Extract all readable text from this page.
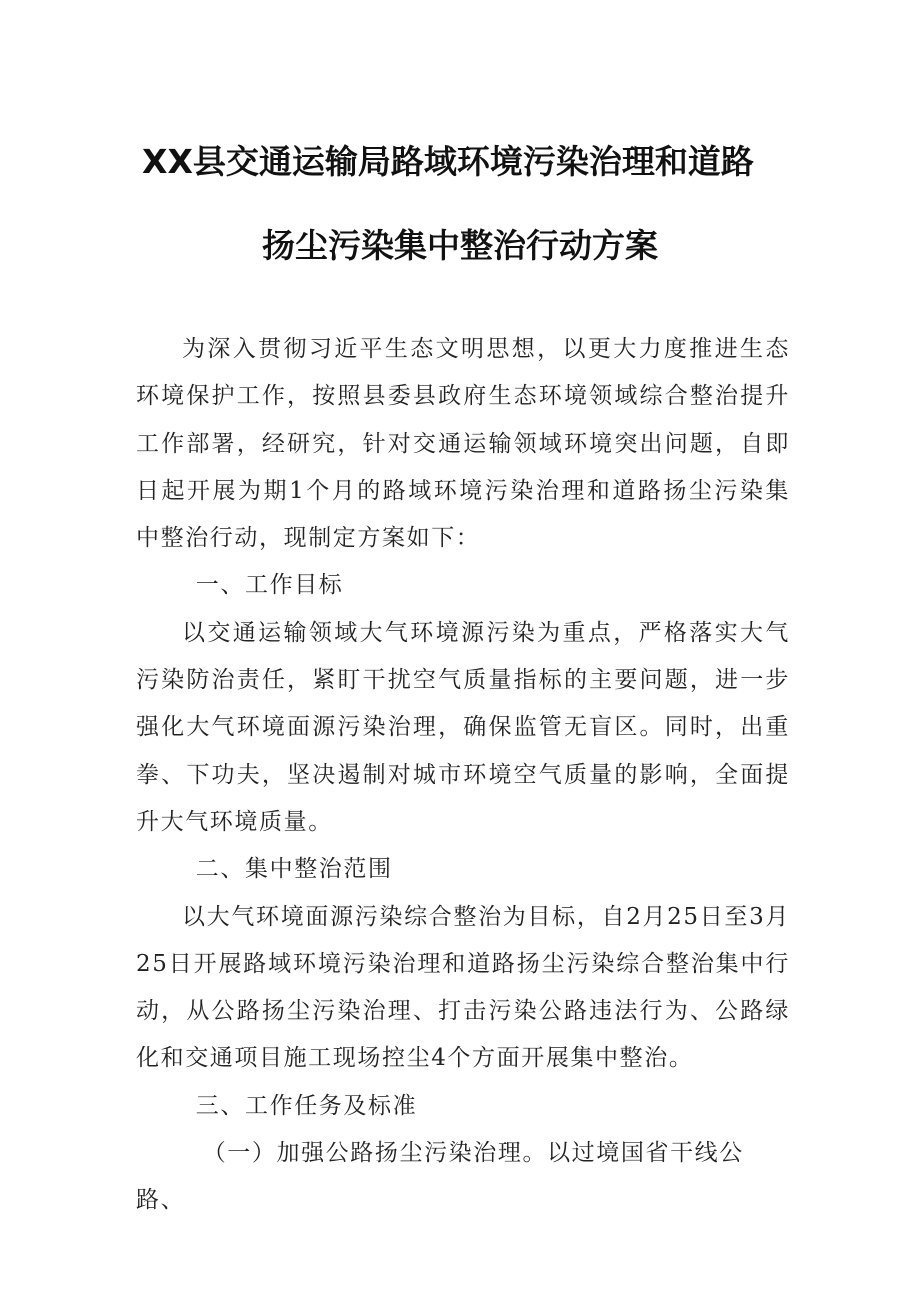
XX县交通运输局路域环境污染治理和道路
扬尘污染集中整治行动方案

为深入贯彻习近平生态文明思想，以更大力度推进生态环境保护工作，按照县委县政府生态环境领域综合整治提升工作部署，经研究，针对交通运输领域环境突出问题，自即日起开展为期1个月的路域环境污染治理和道路扬尘污染集中整治行动，现制定方案如下：

一、工作目标

以交通运输领域大气环境源污染为重点，严格落实大气污染防治责任，紧盯干扰空气质量指标的主要问题，进一步强化大气环境面源污染治理，确保监管无盲区。同时，出重拳、下功夫，坚决遏制对城市环境空气质量的影响，全面提升大气环境质量。

二、集中整治范围

以大气环境面源污染综合整治为目标，自2月25日至3月25日开展路域环境污染治理和道路扬尘污染综合整治集中行动，从公路扬尘污染治理、打击污染公路违法行为、公路绿化和交通项目施工现场控尘4个方面开展集中整治。

三、工作任务及标准

（一）加强公路扬尘污染治理。以过境国省干线公路、
